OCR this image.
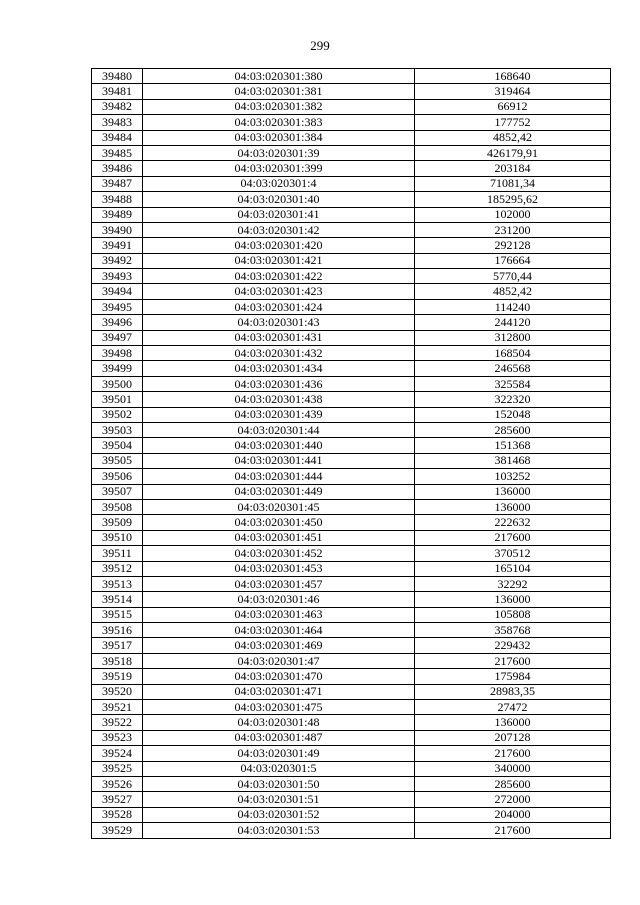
299
39480	04:03:020301:380	168640
39481	04:03:020301:381	319464
39482	04:03:020301:382	66912
39483	04:03:020301:383	177752
39484	04:03:020301:384	4852,42
39485	04:03:020301:39	426179,91
39486	04:03:020301:399	203184
39487	04:03:020301:4	71081,34
39488	04:03:020301:40	185295,62
39489	04:03:020301:41	102000
39490	04:03:020301:42	231200
39491	04:03:020301:420	292128
39492	04:03:020301:421	176664
39493	04:03:020301:422	5770,44
39494	04:03:020301:423	4852,42
39495	04:03:020301:424	114240
39496	04:03:020301:43	244120
39497	04:03:020301:431	312800
39498	04:03:020301:432	168504
39499	04:03:020301:434	246568
39500	04:03:020301:436	325584
39501	04:03:020301:438	322320
39502	04:03:020301:439	152048
39503	04:03:020301:44	285600
39504	04:03:020301:440	151368
39505	04:03:020301:441	381468
39506	04:03:020301:444	103252
39507	04:03:020301:449	136000
39508	04:03:020301:45	136000
39509	04:03:020301:450	222632
39510	04:03:020301:451	217600
39511	04:03:020301:452	370512
39512	04:03:020301:453	165104
39513	04:03:020301:457	32292
39514	04:03:020301:46	136000
39515	04:03:020301:463	105808
39516	04:03:020301:464	358768
39517	04:03:020301:469	229432
39518	04:03:020301:47	217600
39519	04:03:020301:470	175984
39520	04:03:020301:471	28983,35
39521	04:03:020301:475	27472
39522	04:03:020301:48	136000
39523	04:03:020301:487	207128
39524	04:03:020301:49	217600
39525	04:03:020301:5	340000
39526	04:03:020301:50	285600
39527	04:03:020301:51	272000
39528	04:03:020301:52	204000
39529	04:03:020301:53	217600
